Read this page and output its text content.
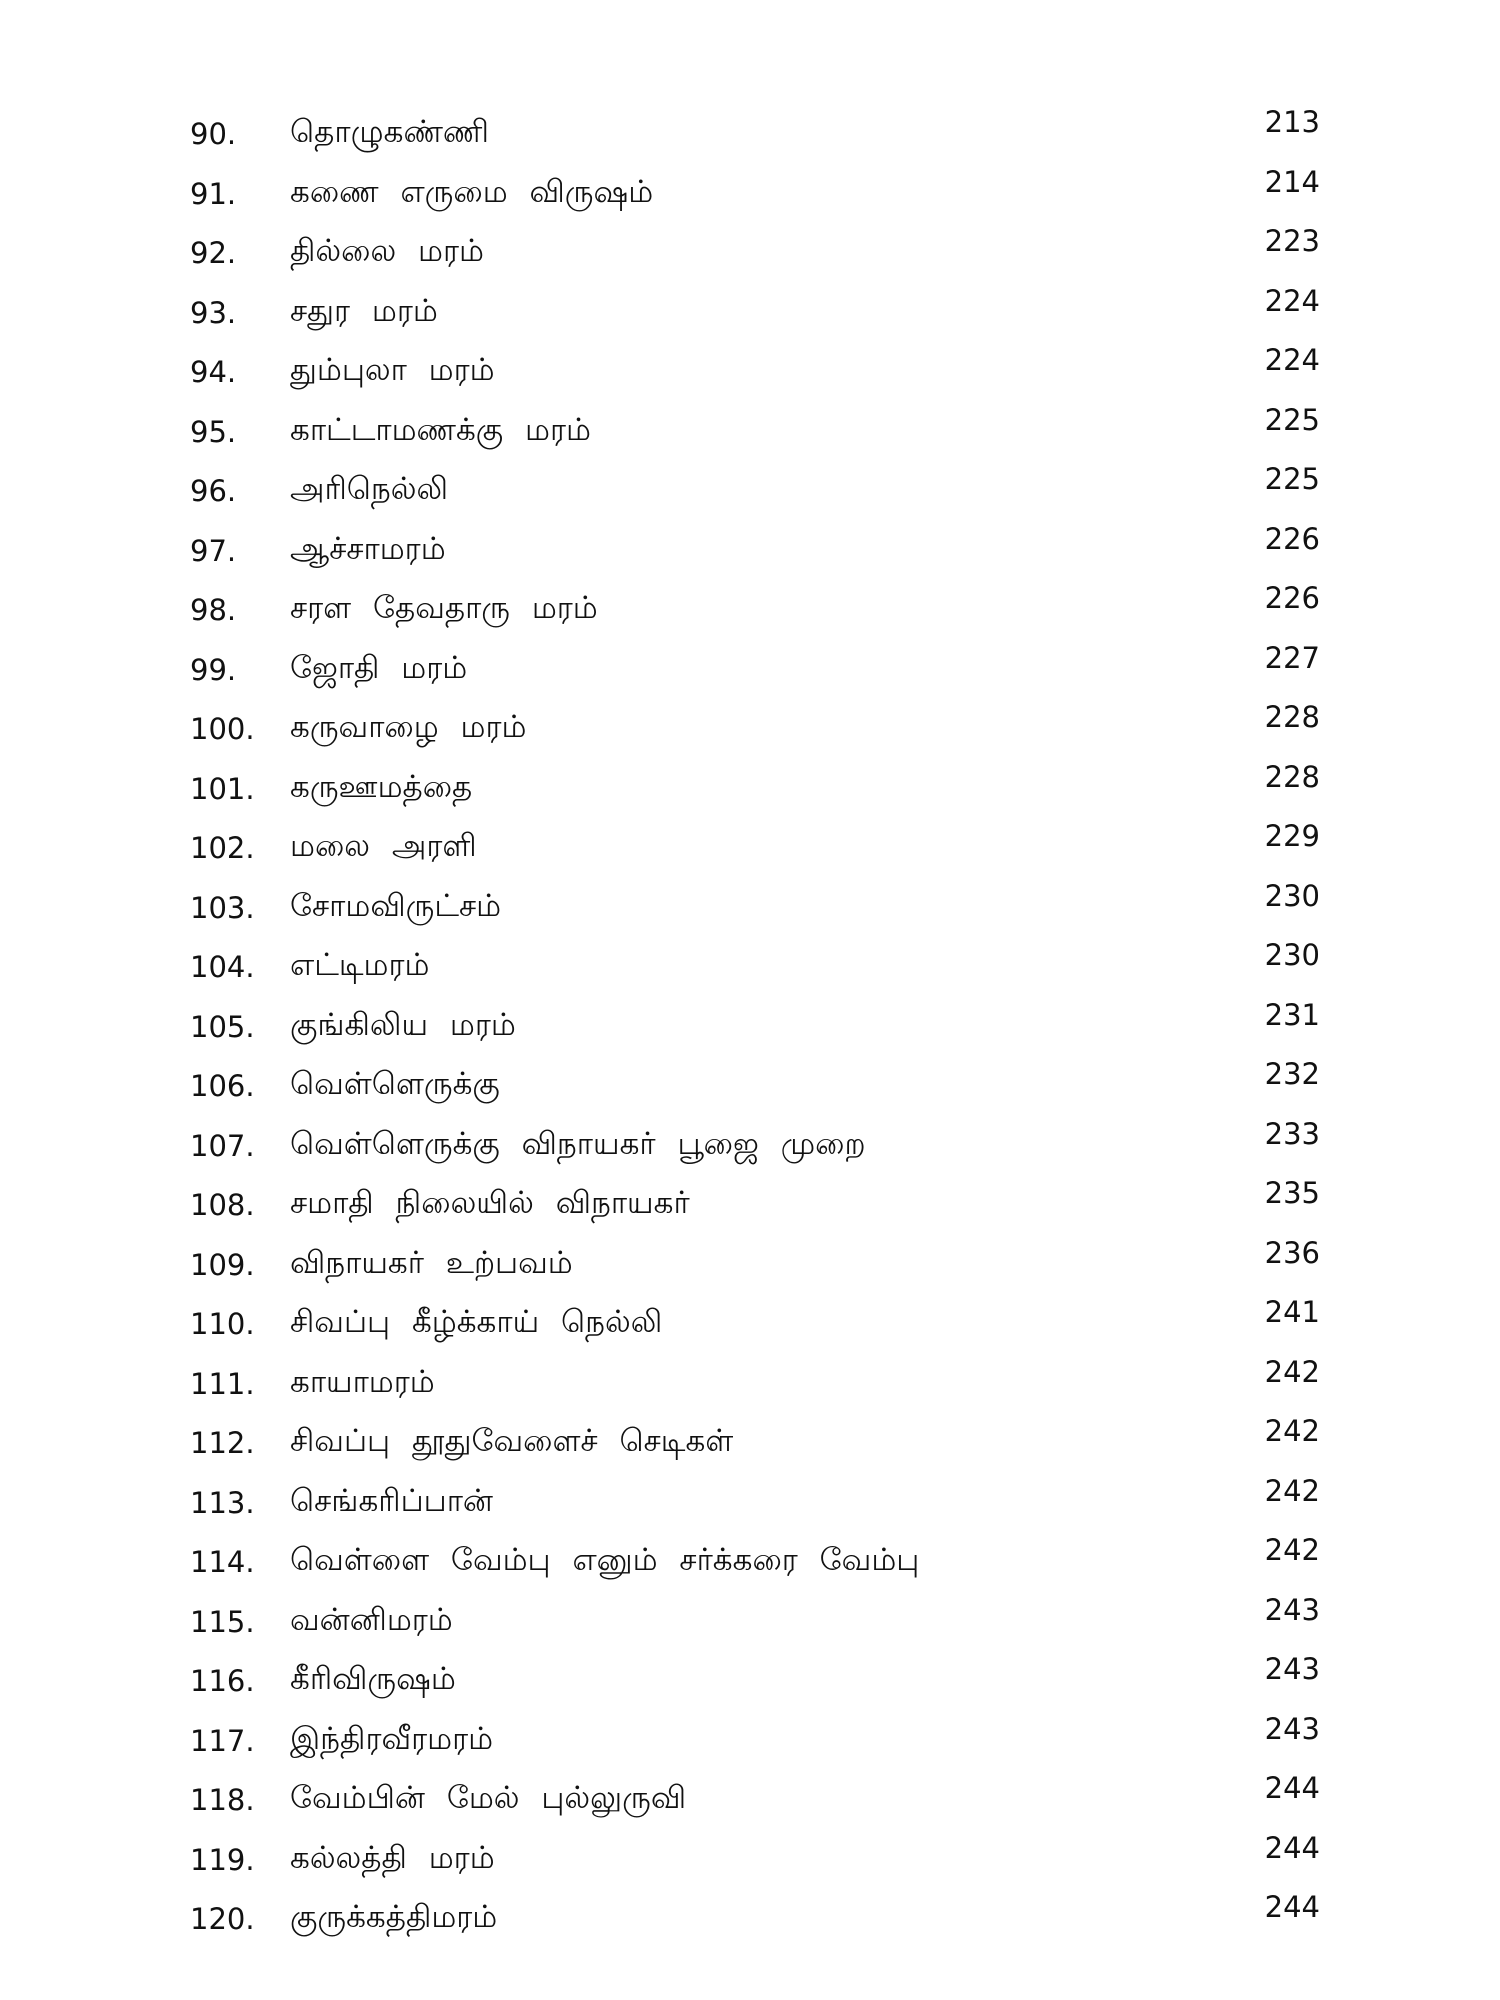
90.	தொழுகண்ணி	213
91.	கணை எருமை விருஷம்	214
92.	தில்லை மரம்	223
93.	சதுர மரம்	224
94.	தும்புலா மரம்	224
95.	காட்டாமணக்கு மரம்	225
96.	அரிநெல்லி	225
97.	ஆச்சாமரம்	226
98.	சரள தேவதாரு மரம்	226
99.	ஜோதி மரம்	227
100.	கருவாழை மரம்	228
101.	கருஊமத்தை	228
102.	மலை அரளி	229
103.	சோமவிருட்சம்	230
104.	எட்டிமரம்	230
105.	குங்கிலிய மரம்	231
106.	வெள்ளெருக்கு	232
107.	வெள்ளெருக்கு விநாயகர் பூஜை முறை	233
108.	சமாதி நிலையில் விநாயகர்	235
109.	விநாயகர் உற்பவம்	236
110.	சிவப்பு கீழ்க்காய் நெல்லி	241
111.	காயாமரம்	242
112.	சிவப்பு தூதுவேளைச் செடிகள்	242
113.	செங்கரிப்பான்	242
114.	வெள்ளை வேம்பு எனும் சர்க்கரை வேம்பு	242
115.	வன்னிமரம்	243
116.	கீரிவிருஷம்	243
117.	இந்திரவீரமரம்	243
118.	வேம்பின் மேல் புல்லுருவி	244
119.	கல்லத்தி மரம்	244
120.	குருக்கத்திமரம்	244
